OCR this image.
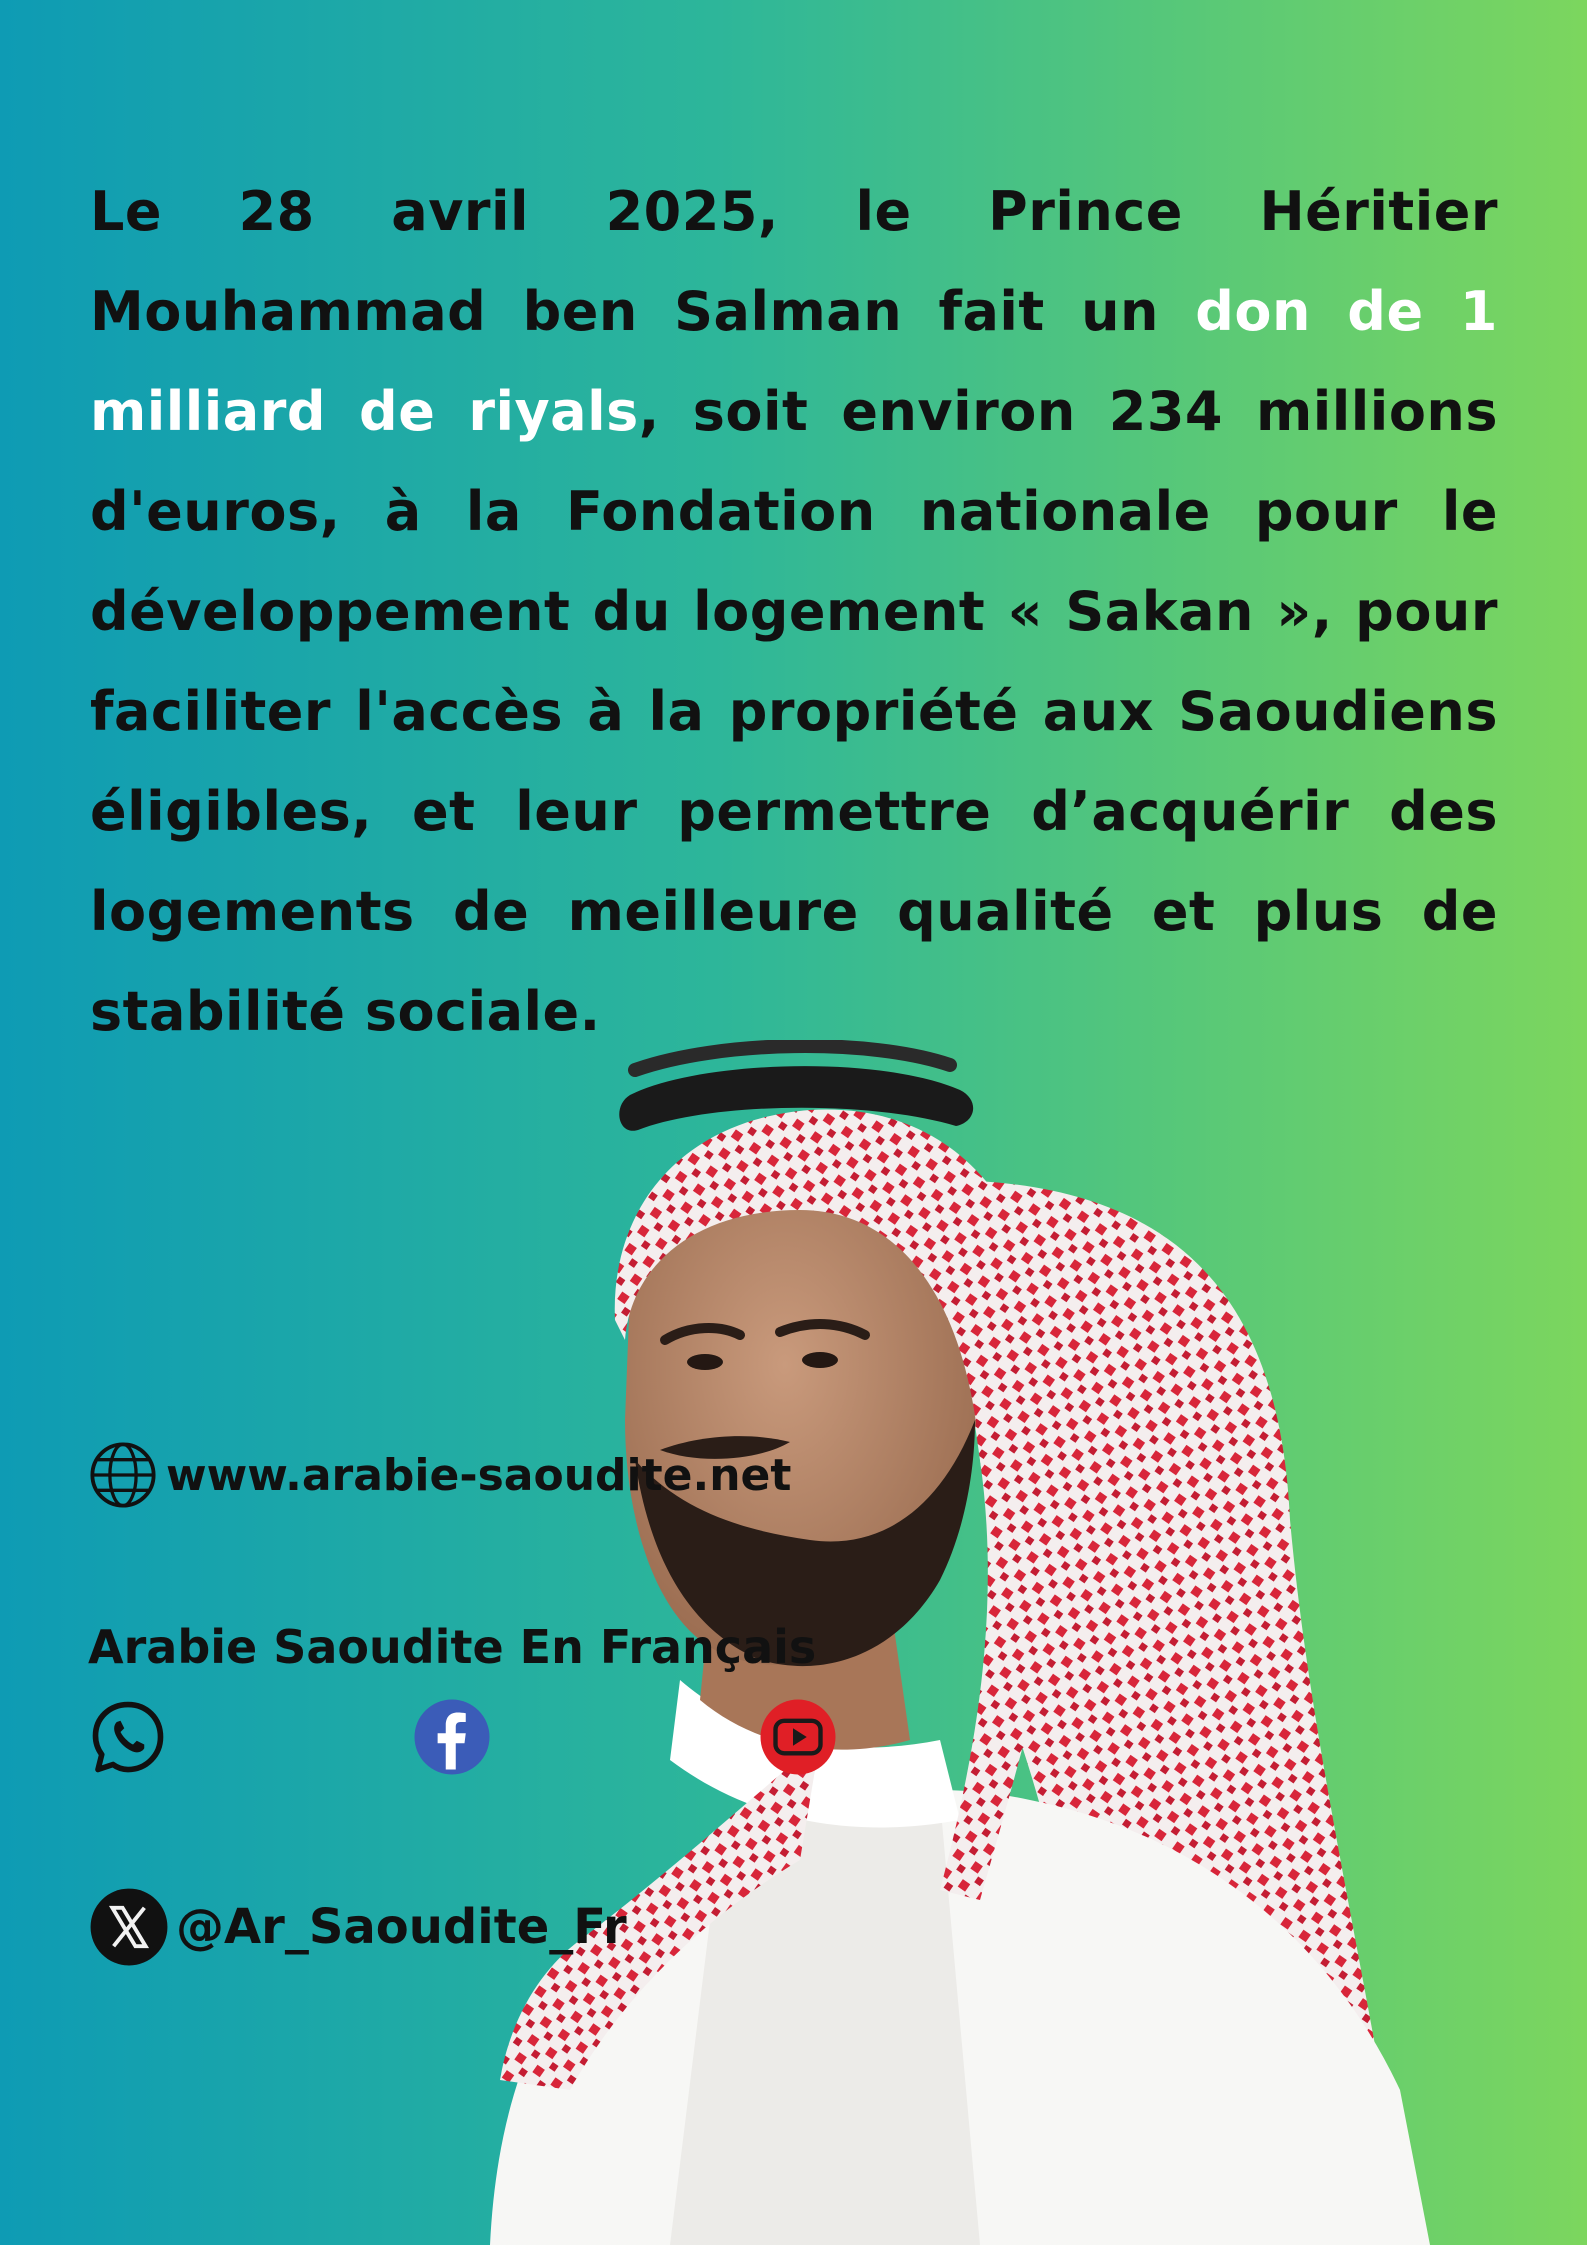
Le 28 avril 2025, le Prince Héritier Mouhammad ben Salman fait un don de 1 milliard de riyals, soit environ 234 millions d'euros, à la Fondation nationale pour le développement du logement « Sakan », pour faciliter l'accès à la propriété aux Saoudiens éligibles, et leur permettre d’acquérir des logements de meilleure qualité et plus de stabilité sociale.

www.arabie-saoudite.net
Arabie Saoudite En Français
@Ar_Saoudite_Fr
